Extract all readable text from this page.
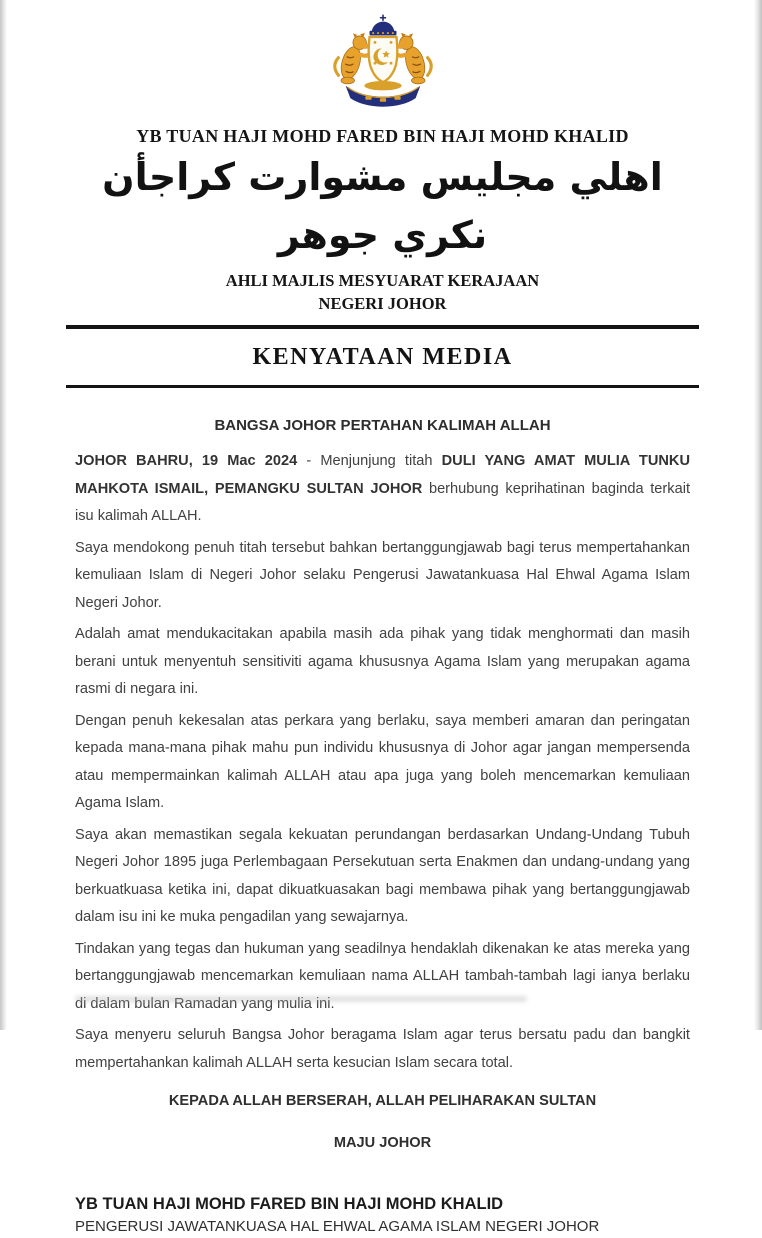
YB TUAN HAJI MOHD FARED BIN HAJI MOHD KHALID
اهلي مجليس مشوارت كراجأن نكري جوهر
AHLI MAJLIS MESYUARAT KERAJAAN
NEGERI JOHOR
KENYATAAN MEDIA
BANGSA JOHOR PERTAHAN KALIMAH ALLAH

JOHOR BAHRU, 19 Mac 2024 - Menjunjung titah DULI YANG AMAT MULIA TUNKU MAHKOTA ISMAIL, PEMANGKU SULTAN JOHOR berhubung keprihatinan baginda terkait isu kalimah ALLAH.

Saya mendokong penuh titah tersebut bahkan bertanggungjawab bagi terus mempertahankan kemuliaan Islam di Negeri Johor selaku Pengerusi Jawatankuasa Hal Ehwal Agama Islam Negeri Johor.

Adalah amat mendukacitakan apabila masih ada pihak yang tidak menghormati dan masih berani untuk menyentuh sensitiviti agama khususnya Agama Islam yang merupakan agama rasmi di negara ini.

Dengan penuh kekesalan atas perkara yang berlaku, saya memberi amaran dan peringatan kepada mana-mana pihak mahu pun individu khususnya di Johor agar jangan mempersenda atau mempermainkan kalimah ALLAH atau apa juga yang boleh mencemarkan kemuliaan Agama Islam.

Saya akan memastikan segala kekuatan perundangan berdasarkan Undang-Undang Tubuh Negeri Johor 1895 juga Perlembagaan Persekutuan serta Enakmen dan undang-undang yang berkuatkuasa ketika ini, dapat dikuatkuasakan bagi membawa pihak yang bertanggungjawab dalam isu ini ke muka pengadilan yang sewajarnya.

Tindakan yang tegas dan hukuman yang seadilnya hendaklah dikenakan ke atas mereka yang bertanggungjawab mencemarkan kemuliaan nama ALLAH tambah-tambah lagi ianya berlaku di dalam bulan Ramadan yang mulia ini.

Saya menyeru seluruh Bangsa Johor beragama Islam agar terus bersatu padu dan bangkit mempertahankan kalimah ALLAH serta kesucian Islam secara total.

KEPADA ALLAH BERSERAH, ALLAH PELIHARAKAN SULTAN
MAJU JOHOR
YB TUAN HAJI MOHD FARED BIN HAJI MOHD KHALID
PENGERUSI JAWATANKUASA HAL EHWAL AGAMA ISLAM NEGERI JOHOR
